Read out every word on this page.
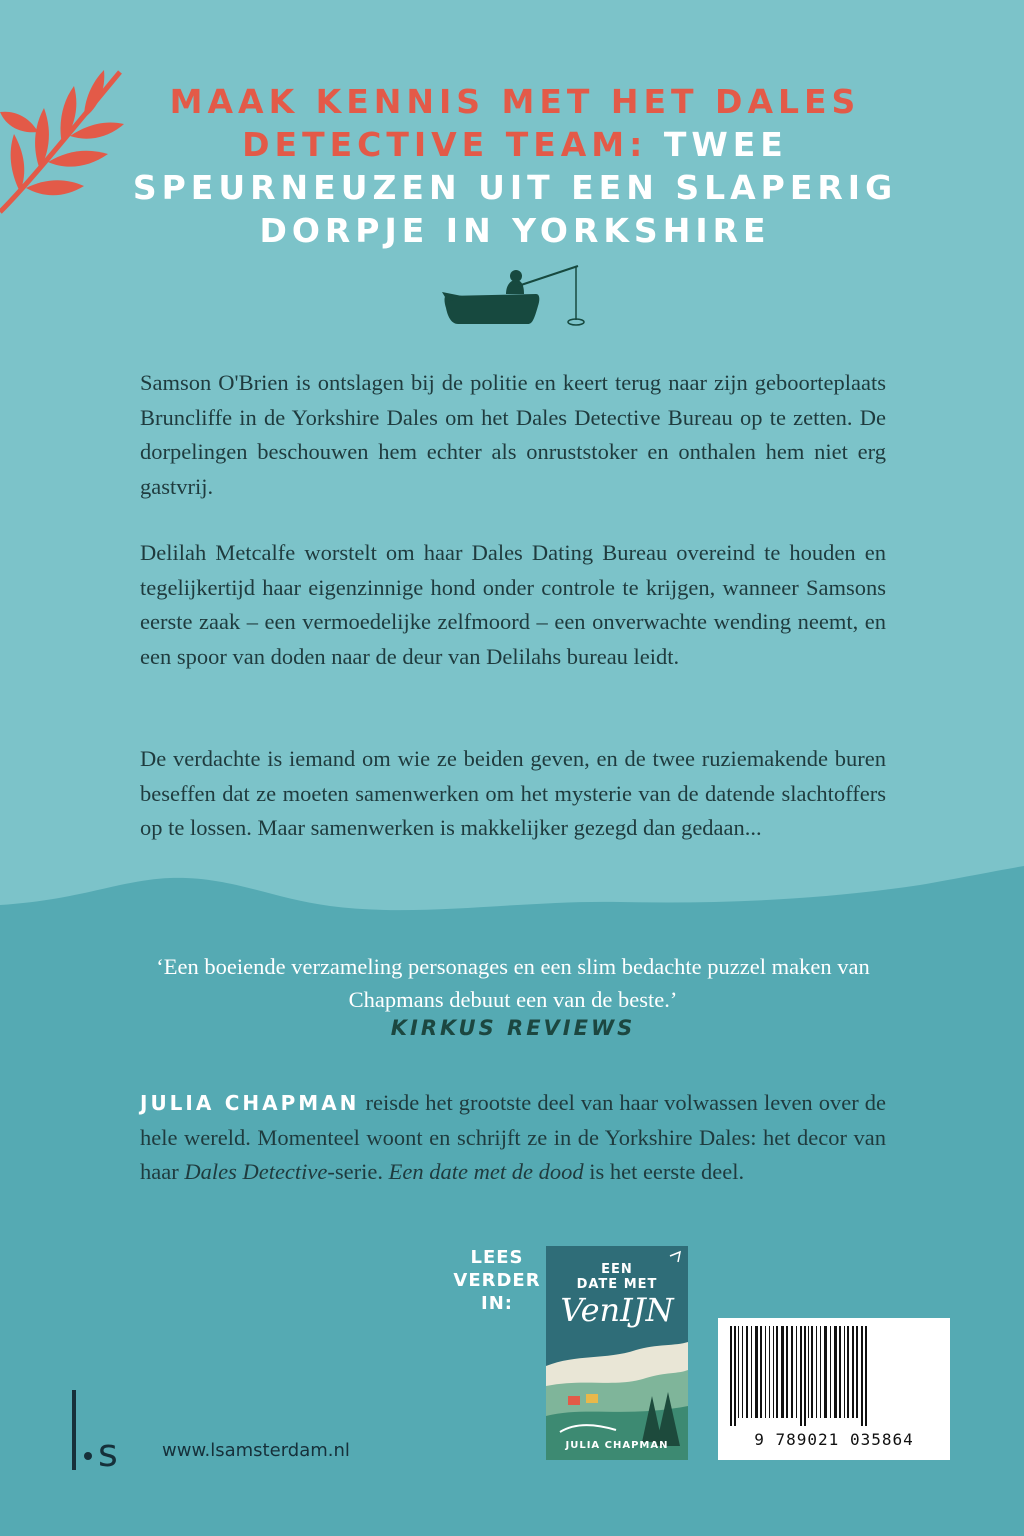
MAAK KENNIS MET HET DALES DETECTIVE TEAM: TWEE SPEURNEUZEN UIT EEN SLAPERIG DORPJE IN YORKSHIRE

Samson O'Brien is ontslagen bij de politie en keert terug naar zijn geboorteplaats Bruncliffe in de Yorkshire Dales om het Dales Detective Bureau op te zetten. De dorpelingen beschouwen hem echter als onruststoker en onthalen hem niet erg gastvrij.

Delilah Metcalfe worstelt om haar Dales Dating Bureau overeind te houden en tegelijkertijd haar eigenzinnige hond onder controle te krijgen, wanneer Samsons eerste zaak – een vermoedelijke zelfmoord – een onverwachte wending neemt, en een spoor van doden naar de deur van Delilahs bureau leidt.

De verdachte is iemand om wie ze beiden geven, en de twee ruziemakende buren beseffen dat ze moeten samenwerken om het mysterie van de datende slachtoffers op te lossen. Maar samenwerken is makkelijker gezegd dan gedaan...

‘Een boeiende verzameling personages en een slim bedachte puzzel maken van Chapmans debuut een van de beste.’

KIRKUS REVIEWS

JULIA CHAPMAN reisde het grootste deel van haar volwassen leven over de hele wereld. Momenteel woont en schrijft ze in de Yorkshire Dales: het decor van haar Dales Detective-serie. Een date met de dood is het eerste deel.

LEES
VERDER
IN:
EEN
DATE MET
VenIJN
JULIA CHAPMAN	9 789021 035864
s www.lsamsterdam.nl
